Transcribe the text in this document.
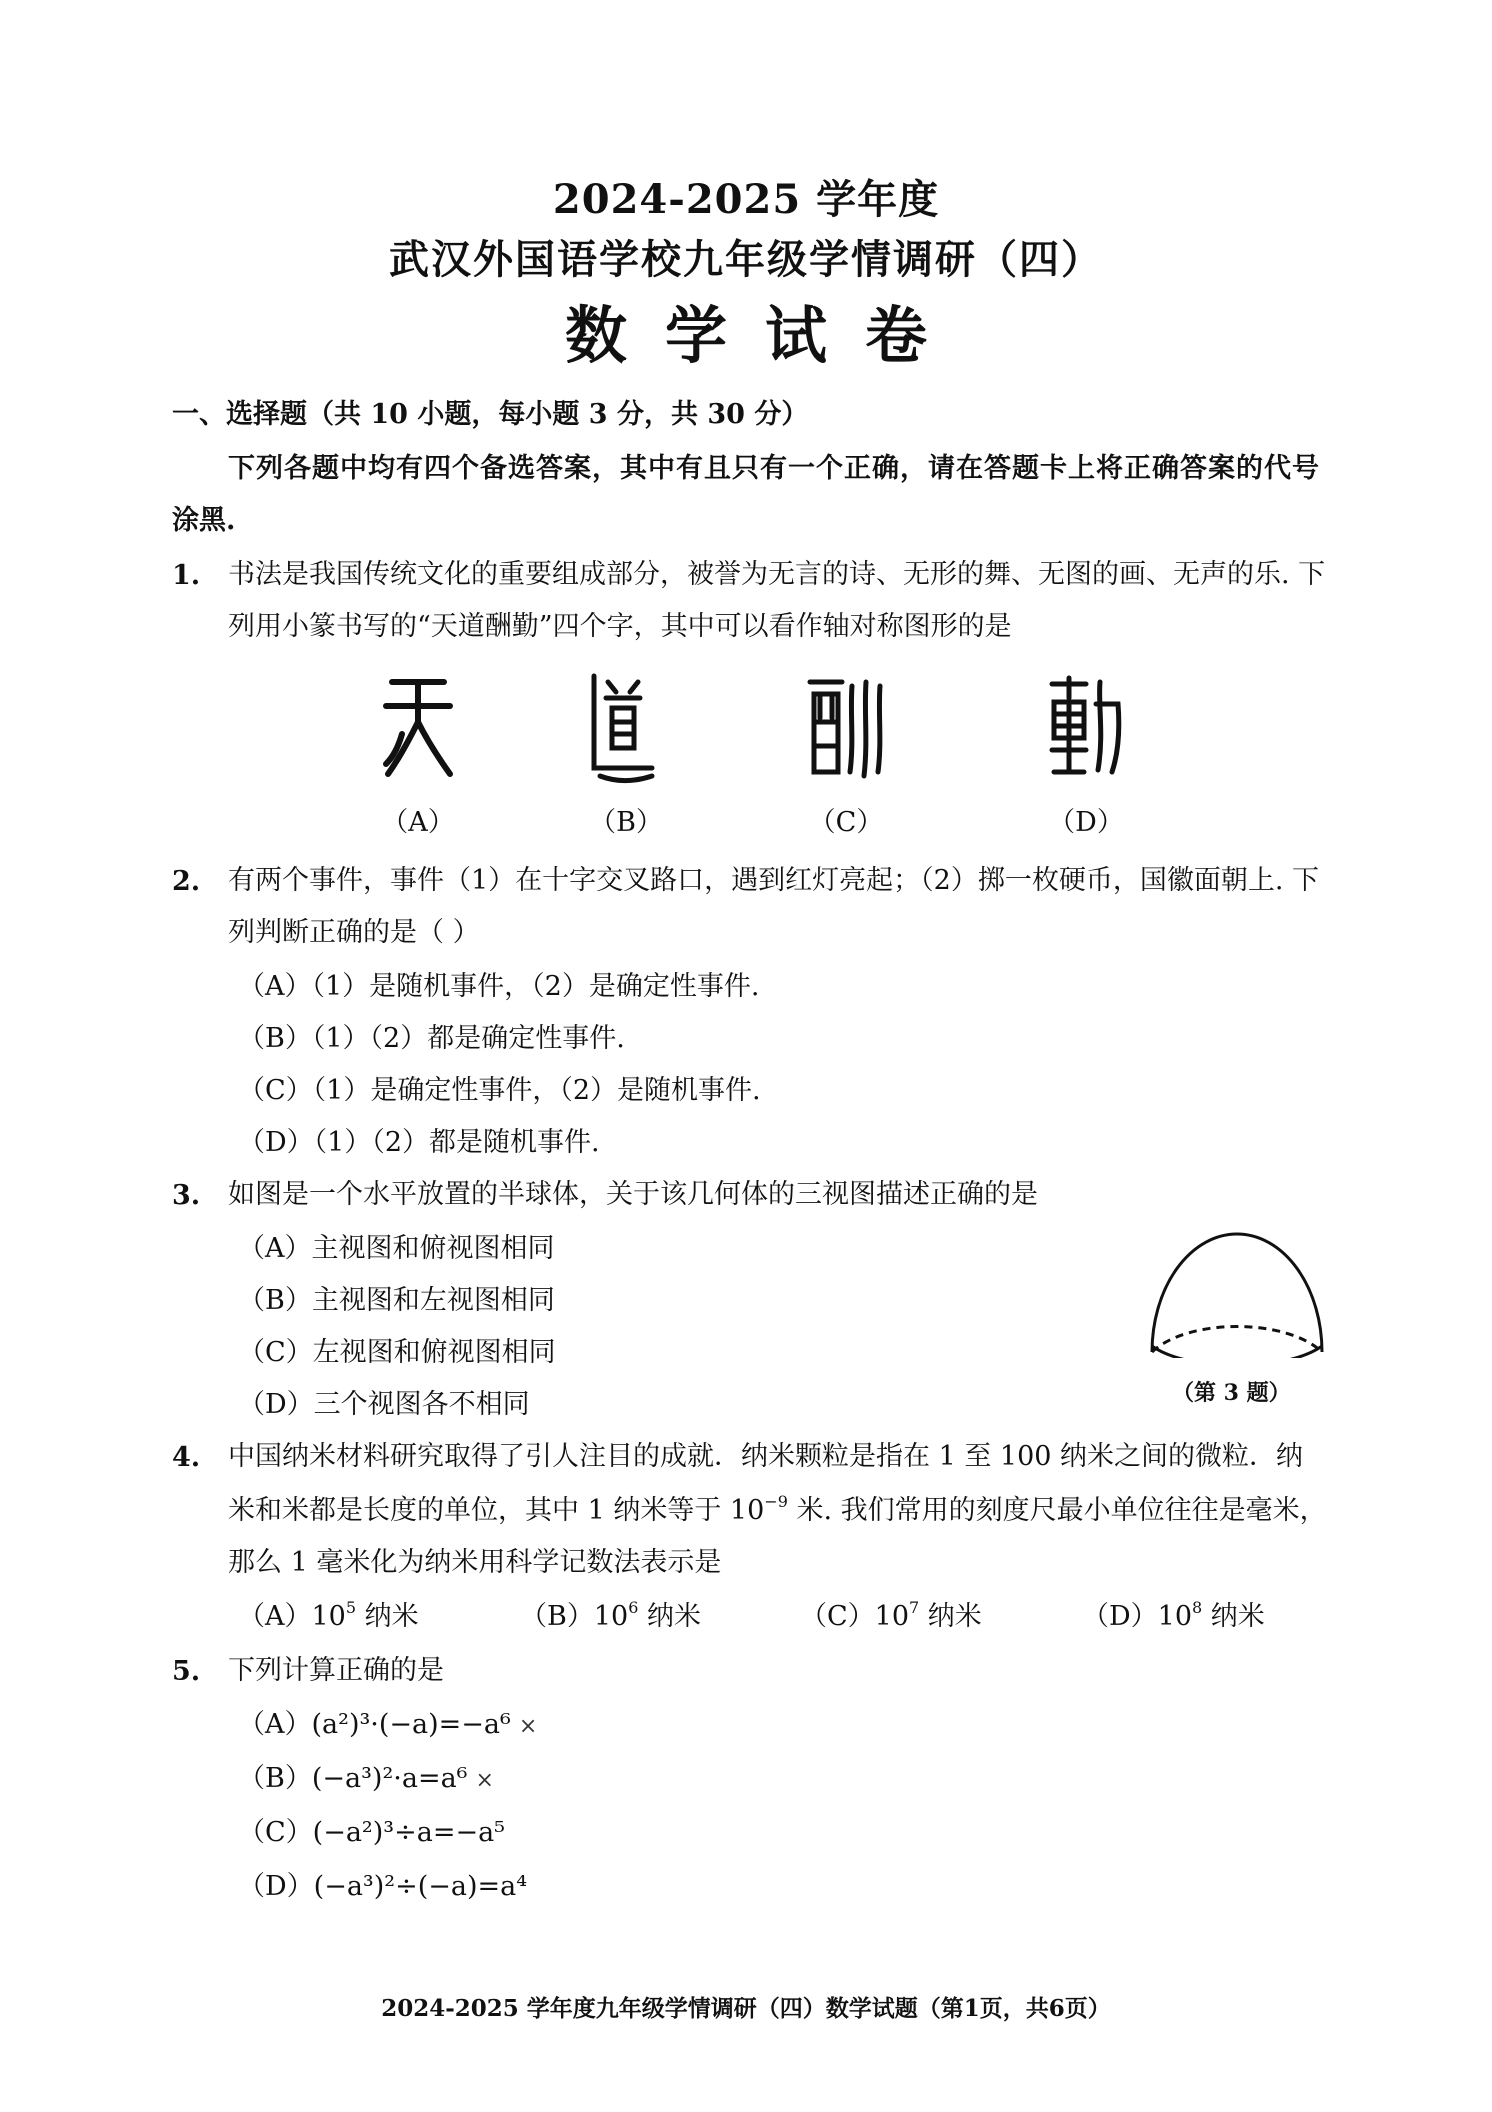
2024-2025 学年度
武汉外国语学校九年级学情调研（四）
数学试卷
一、选择题（共 10 小题，每小题 3 分，共 30 分）
下列各题中均有四个备选答案，其中有且只有一个正确，请在答题卡上将正确答案的代号
涂黑.
1. 书法是我国传统文化的重要组成部分，被誉为无言的诗、无形的舞、无图的画、无声的乐. 下
列用小篆书写的“天道酬勤”四个字，其中可以看作轴对称图形的是
（A）	（B）	（C）	（D）
2. 有两个事件，事件（1）在十字交叉路口，遇到红灯亮起；（2）掷一枚硬币，国徽面朝上. 下
列判断正确的是（ ）
（A）（1）是随机事件，（2）是确定性事件.
（B）（1）（2）都是确定性事件.
（C）（1）是确定性事件，（2）是随机事件.
（D）（1）（2）都是随机事件.
3. 如图是一个水平放置的半球体，关于该几何体的三视图描述正确的是
（A）主视图和俯视图相同
（B）主视图和左视图相同
（C）左视图和俯视图相同
（D）三个视图各不相同	（第 3 题）
4. 中国纳米材料研究取得了引人注目的成就．纳米颗粒是指在 1 至 100 纳米之间的微粒．纳
米和米都是长度的单位，其中 1 纳米等于 $10^{-9}$ 米. 我们常用的刻度尺最小单位往往是毫米，
那么 1 毫米化为纳米用科学记数法表示是
$(A)10^5$ 纳米	$(B)10^6$ 纳米	$(C)10^7$ 纳米	$(D)10^8$ 纳米
5. 下列计算正确的是
（A）(a²)³·(−a)=−a⁶ ×
（B）(−a³)²·a=a⁶ ×
（C）(−a²)³÷a=−a⁵
（D）(−a³)²÷(−a)=a⁴
2024-2025 学年度九年级学情调研（四）数学试题（第1页，共6页）
